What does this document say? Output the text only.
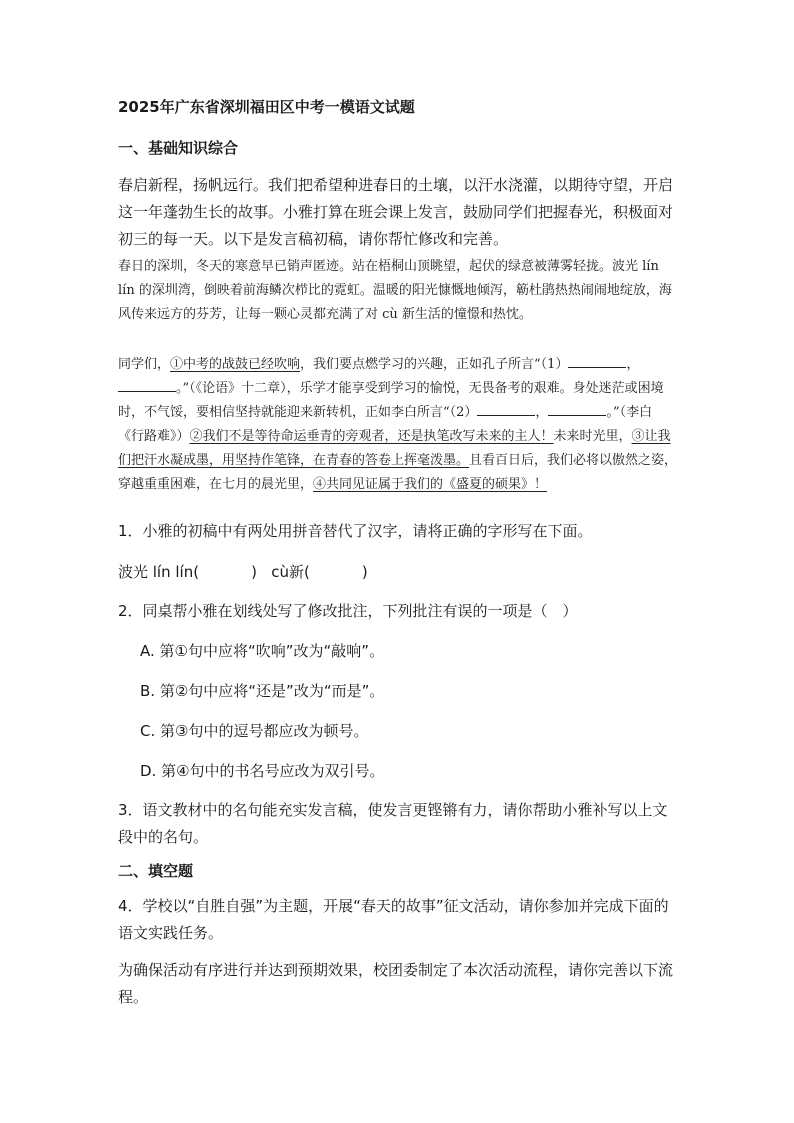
2025年广东省深圳福田区中考一模语文试题

一、基础知识综合

春启新程，扬帆远行。我们把希望种进春日的土壤，以汗水浇灌，以期待守望，开启这一年蓬勃生长的故事。小雅打算在班会课上发言，鼓励同学们把握春光，积极面对初三的每一天。以下是发言稿初稿，请你帮忙修改和完善。

春日的深圳，冬天的寒意早已销声匿迹。站在梧桐山顶眺望，起伏的绿意被薄雾轻拢。波光 lín lín 的深圳湾，倒映着前海鳞次栉比的霓虹。温暖的阳光慷慨地倾泻，簕杜鹃热热闹闹地绽放，海风传来远方的芬芳，让每一颗心灵都充满了对 cù 新生活的憧憬和热忱。

同学们，①中考的战鼓已经吹响，我们要点燃学习的兴趣，正如孔子所言“（1）	，。”（《论语》十二章），乐学才能享受到学习的愉悦，无畏备考的艰难。身处迷茫或困境时，不气馁，要相信坚持就能迎来新转机，正如李白所言“（2）	，	。”（李白《行路难》）②我们不是等待命运垂青的旁观者，还是执笔改写未来的主人！未来时光里，③让我们把汗水凝成墨，用坚持作笔锋，在青春的答卷上挥毫泼墨。且看百日后，我们必将以傲然之姿，穿越重重困难，在七月的晨光里，④共同见证属于我们的《盛夏的硕果》！

1．小雅的初稿中有两处用拼音替代了汉字，请将正确的字形写在下面。

波光 lín lín(	) cù新(	)

2．同桌帮小雅在划线处写了修改批注，下列批注有误的一项是（　）

A. 第①句中应将“吹响”改为“敲响”。

B. 第②句中应将“还是”改为“而是”。

C. 第③句中的逗号都应改为顿号。

D. 第④句中的书名号应改为双引号。

3．语文教材中的名句能充实发言稿，使发言更铿锵有力，请你帮助小雅补写以上文段中的名句。

二、填空题

4．学校以“自胜自强”为主题，开展“春天的故事”征文活动，请你参加并完成下面的语文实践任务。

为确保活动有序进行并达到预期效果，校团委制定了本次活动流程，请你完善以下流程。
